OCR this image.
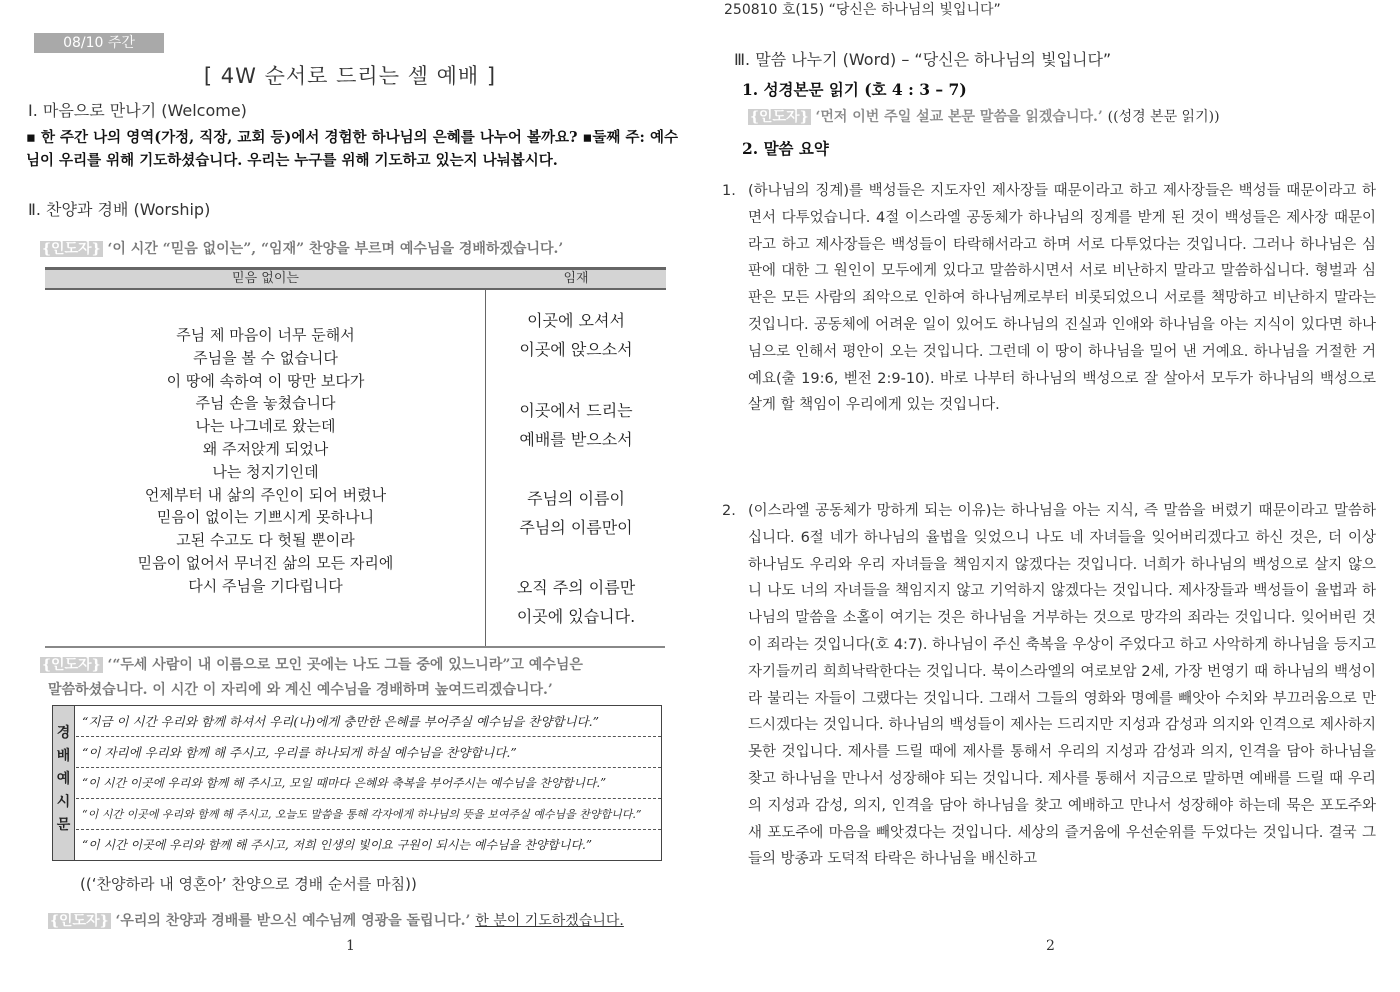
08/10 주간
[ 4W 순서로 드리는 셀 예배 ]
Ⅰ. 마음으로 만나기 (Welcome)
▪ 한 주간 나의 영역(가정, 직장, 교회 등)에서 경험한 하나님의 은혜를 나누어 볼까요? ▪둘째 주: 예수님이 우리를 위해 기도하셨습니다. 우리는 누구를 위해 기도하고 있는지 나눠봅시다.
Ⅱ. 찬양과 경배 (Worship)
{인도자} ‘이 시간 “믿음 없이는”, “임재” 찬양을 부르며 예수님을 경배하겠습니다.’
믿음 없이는	임재
주님 제 마음이 너무 둔해서
주님을 볼 수 없습니다
이 땅에 속하여 이 땅만 보다가
주님 손을 놓쳤습니다
나는 나그네로 왔는데
왜 주저앉게 되었나
나는 청지기인데
언제부터 내 삶의 주인이 되어 버렸나
믿음이 없이는 기쁘시게 못하나니
고된 수고도 다 헛될 뿐이라
믿음이 없어서 무너진 삶의 모든 자리에
다시 주님을 기다립니다
이곳에 오셔서
이곳에 앉으소서
이곳에서 드리는
예배를 받으소서
주님의 이름이
주님의 이름만이
오직 주의 이름만
이곳에 있습니다.
{인도자} ‘“두세 사람이 내 이름으로 모인 곳에는 나도 그들 중에 있느니라”고 예수님은
말씀하셨습니다. 이 시간 이 자리에 와 계신 예수님을 경배하며 높여드리겠습니다.’
경
배
예
시
문
“지금 이 시간 우리와 함께 하셔서 우리(나)에게 충만한 은혜를 부어주실 예수님을 찬양합니다.”
“이 자리에 우리와 함께 해 주시고, 우리를 하나되게 하실 예수님을 찬양합니다.”
“이 시간 이곳에 우리와 함께 해 주시고, 모일 때마다 은혜와 축복을 부어주시는 예수님을 찬양합니다.”
“이 시간 이곳에 우리와 함께 해 주시고, 오늘도 말씀을 통해 각자에게 하나님의 뜻을 보여주실 예수님을 찬양합니다.”
“이 시간 이곳에 우리와 함께 해 주시고, 저희 인생의 빛이요 구원이 되시는 예수님을 찬양합니다.”
((‘찬양하라 내 영혼아’ 찬양으로 경배 순서를 마침))
{인도자} ‘우리의 찬양과 경배를 받으신 예수님께 영광을 돌립니다.’ 한 분이 기도하겠습니다.
1
250810 호(15) “당신은 하나님의 빛입니다”
Ⅲ. 말씀 나누기 (Word) – “당신은 하나님의 빛입니다”
1. 성경본문 읽기 (호 4 : 3 – 7)
{인도자} ‘먼저 이번 주일 설교 본문 말씀을 읽겠습니다.’ ((성경 본문 읽기))
2. 말씀 요약
1. (하나님의 징계)를 백성들은 지도자인 제사장들 때문이라고 하고 제사장들은 백성들 때문이라고 하면서 다투었습니다. 4절 이스라엘 공동체가 하나님의 징계를 받게 된 것이 백성들은 제사장 때문이라고 하고 제사장들은 백성들이 타락해서라고 하며 서로 다투었다는 것입니다. 그러나 하나님은 심판에 대한 그 원인이 모두에게 있다고 말씀하시면서 서로 비난하지 말라고 말씀하십니다. 형벌과 심판은 모든 사람의 죄악으로 인하여 하나님께로부터 비롯되었으니 서로를 책망하고 비난하지 말라는 것입니다. 공동체에 어려운 일이 있어도 하나님의 진실과 인애와 하나님을 아는 지식이 있다면 하나님으로 인해서 평안이 오는 것입니다. 그런데 이 땅이 하나님을 밀어 낸 거예요. 하나님을 거절한 거예요(출 19:6, 벧전 2:9-10). 바로 나부터 하나님의 백성으로 잘 살아서 모두가 하나님의 백성으로 살게 할 책임이 우리에게 있는 것입니다.
2. (이스라엘 공동체가 망하게 되는 이유)는 하나님을 아는 지식, 즉 말씀을 버렸기 때문이라고 말씀하십니다. 6절 네가 하나님의 율법을 잊었으니 나도 네 자녀들을 잊어버리겠다고 하신 것은, 더 이상 하나님도 우리와 우리 자녀들을 책임지지 않겠다는 것입니다. 너희가 하나님의 백성으로 살지 않으니 나도 너의 자녀들을 책임지지 않고 기억하지 않겠다는 것입니다. 제사장들과 백성들이 율법과 하나님의 말씀을 소홀이 여기는 것은 하나님을 거부하는 것으로 망각의 죄라는 것입니다. 잊어버린 것이 죄라는 것입니다(호 4:7). 하나님이 주신 축복을 우상이 주었다고 하고 사악하게 하나님을 등지고 자기들끼리 희희낙락한다는 것입니다. 북이스라엘의 여로보암 2세, 가장 번영기 때 하나님의 백성이라 불리는 자들이 그랬다는 것입니다. 그래서 그들의 영화와 명예를 빼앗아 수치와 부끄러움으로 만드시겠다는 것입니다. 하나님의 백성들이 제사는 드리지만 지성과 감성과 의지와 인격으로 제사하지 못한 것입니다. 제사를 드릴 때에 제사를 통해서 우리의 지성과 감성과 의지, 인격을 담아 하나님을 찾고 하나님을 만나서 성장해야 되는 것입니다. 제사를 통해서 지금으로 말하면 예배를 드릴 때 우리의 지성과 감성, 의지, 인격을 담아 하나님을 찾고 예배하고 만나서 성장해야 하는데 묵은 포도주와 새 포도주에 마음을 빼앗겼다는 것입니다. 세상의 즐거움에 우선순위를 두었다는 것입니다. 결국 그들의 방종과 도덕적 타락은 하나님을 배신하고
2
